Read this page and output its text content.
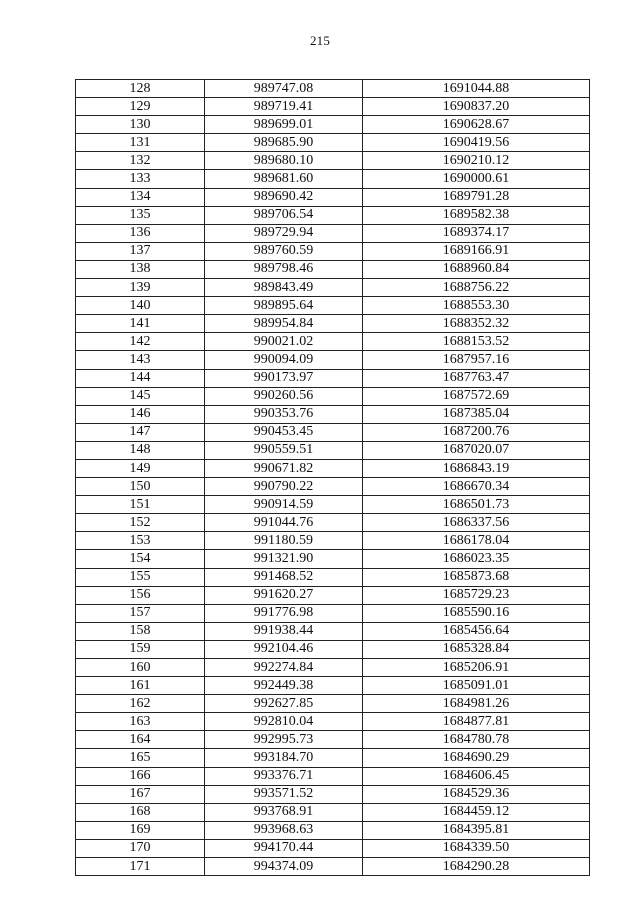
215
128	989747.08	1691044.88
129	989719.41	1690837.20
130	989699.01	1690628.67
131	989685.90	1690419.56
132	989680.10	1690210.12
133	989681.60	1690000.61
134	989690.42	1689791.28
135	989706.54	1689582.38
136	989729.94	1689374.17
137	989760.59	1689166.91
138	989798.46	1688960.84
139	989843.49	1688756.22
140	989895.64	1688553.30
141	989954.84	1688352.32
142	990021.02	1688153.52
143	990094.09	1687957.16
144	990173.97	1687763.47
145	990260.56	1687572.69
146	990353.76	1687385.04
147	990453.45	1687200.76
148	990559.51	1687020.07
149	990671.82	1686843.19
150	990790.22	1686670.34
151	990914.59	1686501.73
152	991044.76	1686337.56
153	991180.59	1686178.04
154	991321.90	1686023.35
155	991468.52	1685873.68
156	991620.27	1685729.23
157	991776.98	1685590.16
158	991938.44	1685456.64
159	992104.46	1685328.84
160	992274.84	1685206.91
161	992449.38	1685091.01
162	992627.85	1684981.26
163	992810.04	1684877.81
164	992995.73	1684780.78
165	993184.70	1684690.29
166	993376.71	1684606.45
167	993571.52	1684529.36
168	993768.91	1684459.12
169	993968.63	1684395.81
170	994170.44	1684339.50
171	994374.09	1684290.28
